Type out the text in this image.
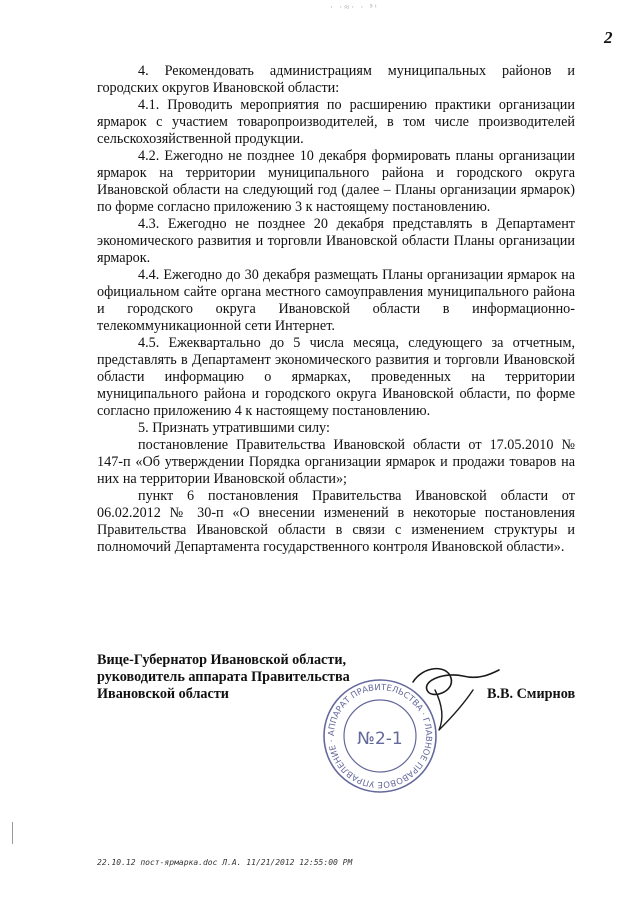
· ·≈· · ⁵ᵗ
2

4. Рекомендовать администрациям муниципальных районов и городских округов Ивановской области:

4.1. Проводить мероприятия по расширению практики организации ярмарок с участием товаропроизводителей, в том числе производителей сельскохозяйственной продукции.

4.2. Ежегодно не позднее 10 декабря формировать планы организации ярмарок на территории муниципального района и городского округа Ивановской области на следующий год (далее – Планы организации ярмарок) по форме согласно приложению 3 к настоящему постановлению.

4.3. Ежегодно не позднее 20 декабря представлять в Департамент экономического развития и торговли Ивановской области Планы организации ярмарок.

4.4. Ежегодно до 30 декабря размещать Планы организации ярмарок на официальном сайте органа местного самоуправления муниципального района и городского округа Ивановской области в информационно-телекоммуникационной сети Интернет.

4.5. Ежеквартально до 5 числа месяца, следующего за отчетным, представлять в Департамент экономического развития и торговли Ивановской области информацию о ярмарках, проведенных на территории муниципального района и городского округа Ивановской области, по форме согласно приложению 4 к настоящему постановлению.

5. Признать утратившими силу:

постановление Правительства Ивановской области от 17.05.2010 № 147-п «Об утверждении Порядка организации ярмарок и продажи товаров на них на территории Ивановской области»;

пункт 6 постановления Правительства Ивановской области от 06.02.2012 № 30-п «О внесении изменений в некоторые постановления Правительства Ивановской области в связи с изменением структуры и полномочий Департамента государственного контроля Ивановской области».

Вице-Губернатор Ивановской области,
руководитель аппарата Правительства
Ивановской области
АППАРАТ ПРАВИТЕЛЬСТВА · ГЛАВНОЕ ПРАВОВОЕ УПРАВЛЕНИЕ ·	№2-1
В.В. Смирнов
22.10.12 пост-ярмарка.doc Л.А. 11/21/2012 12:55:00 PM
